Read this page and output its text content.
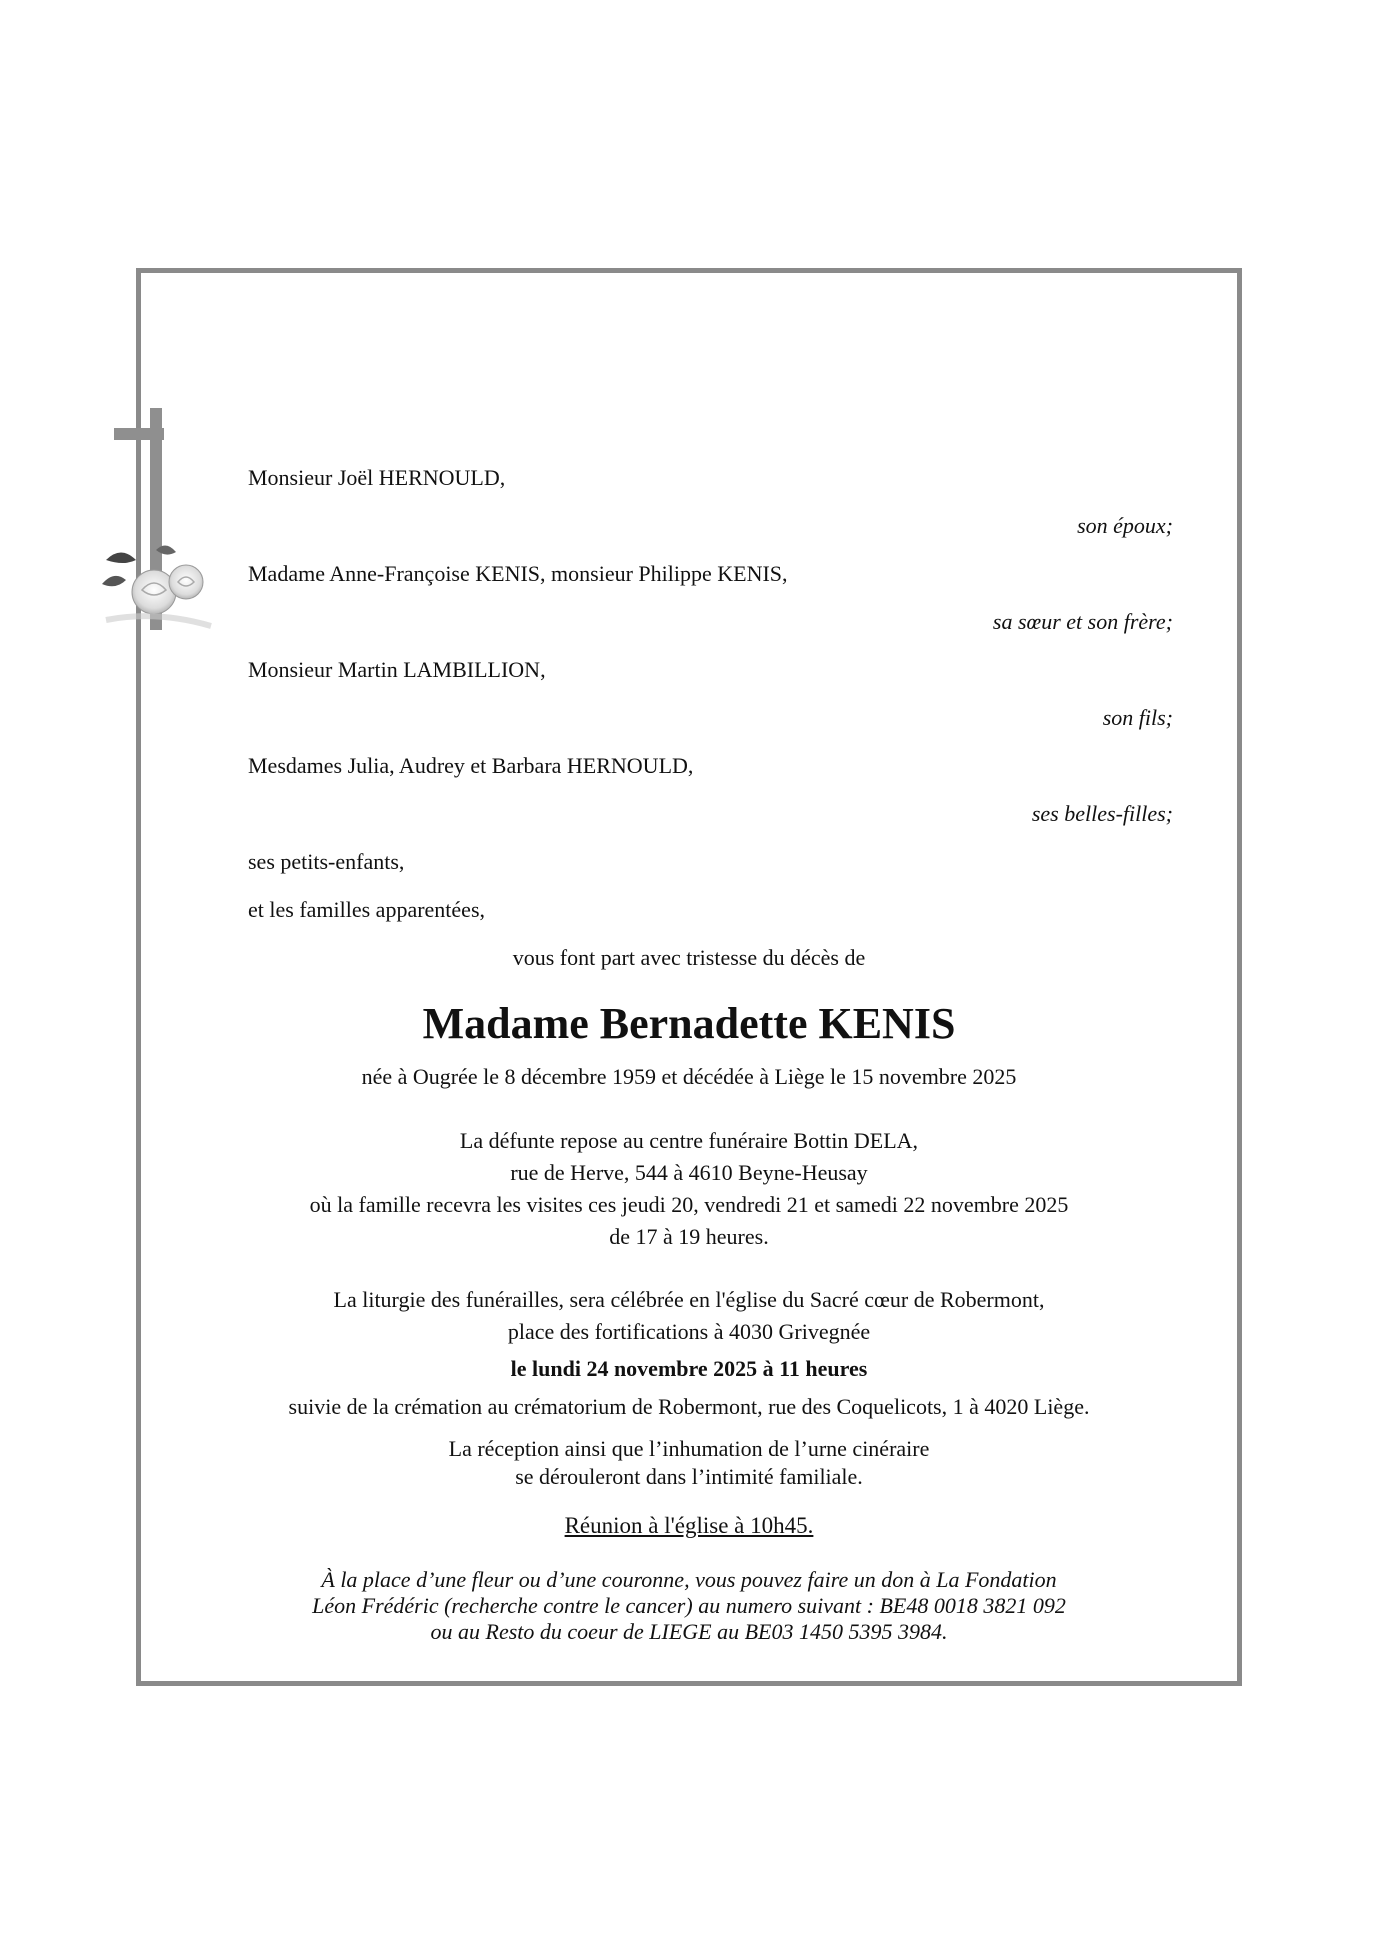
Monsieur Joël HERNOULD,
son époux;
Madame Anne-Françoise KENIS, monsieur Philippe KENIS,
sa sœur et son frère;
Monsieur Martin LAMBILLION,
son fils;
Mesdames Julia, Audrey et Barbara HERNOULD,
ses belles-filles;
ses petits-enfants,
et les familles apparentées,
vous font part avec tristesse du décès de
Madame Bernadette KENIS
née à Ougrée le 8 décembre 1959 et décédée à Liège le 15 novembre 2025
La défunte repose au centre funéraire Bottin DELA,
rue de Herve, 544 à 4610 Beyne-Heusay
où la famille recevra les visites ces jeudi 20, vendredi 21 et samedi 22 novembre 2025
de 17 à 19 heures.
La liturgie des funérailles, sera célébrée en l'église du Sacré cœur de Robermont,
place des fortifications à 4030 Grivegnée
le lundi 24 novembre 2025 à 11 heures
suivie de la crémation au crématorium de Robermont, rue des Coquelicots, 1 à 4020 Liège.
La réception ainsi que l’inhumation de l’urne cinéraire
se dérouleront dans l’intimité familiale.
Réunion à l'église à 10h45.
À la place d’une fleur ou d’une couronne, vous pouvez faire un don à La Fondation
Léon Frédéric (recherche contre le cancer) au numero suivant : BE48 0018 3821 092
ou au Resto du coeur de LIEGE au BE03 1450 5395 3984.
